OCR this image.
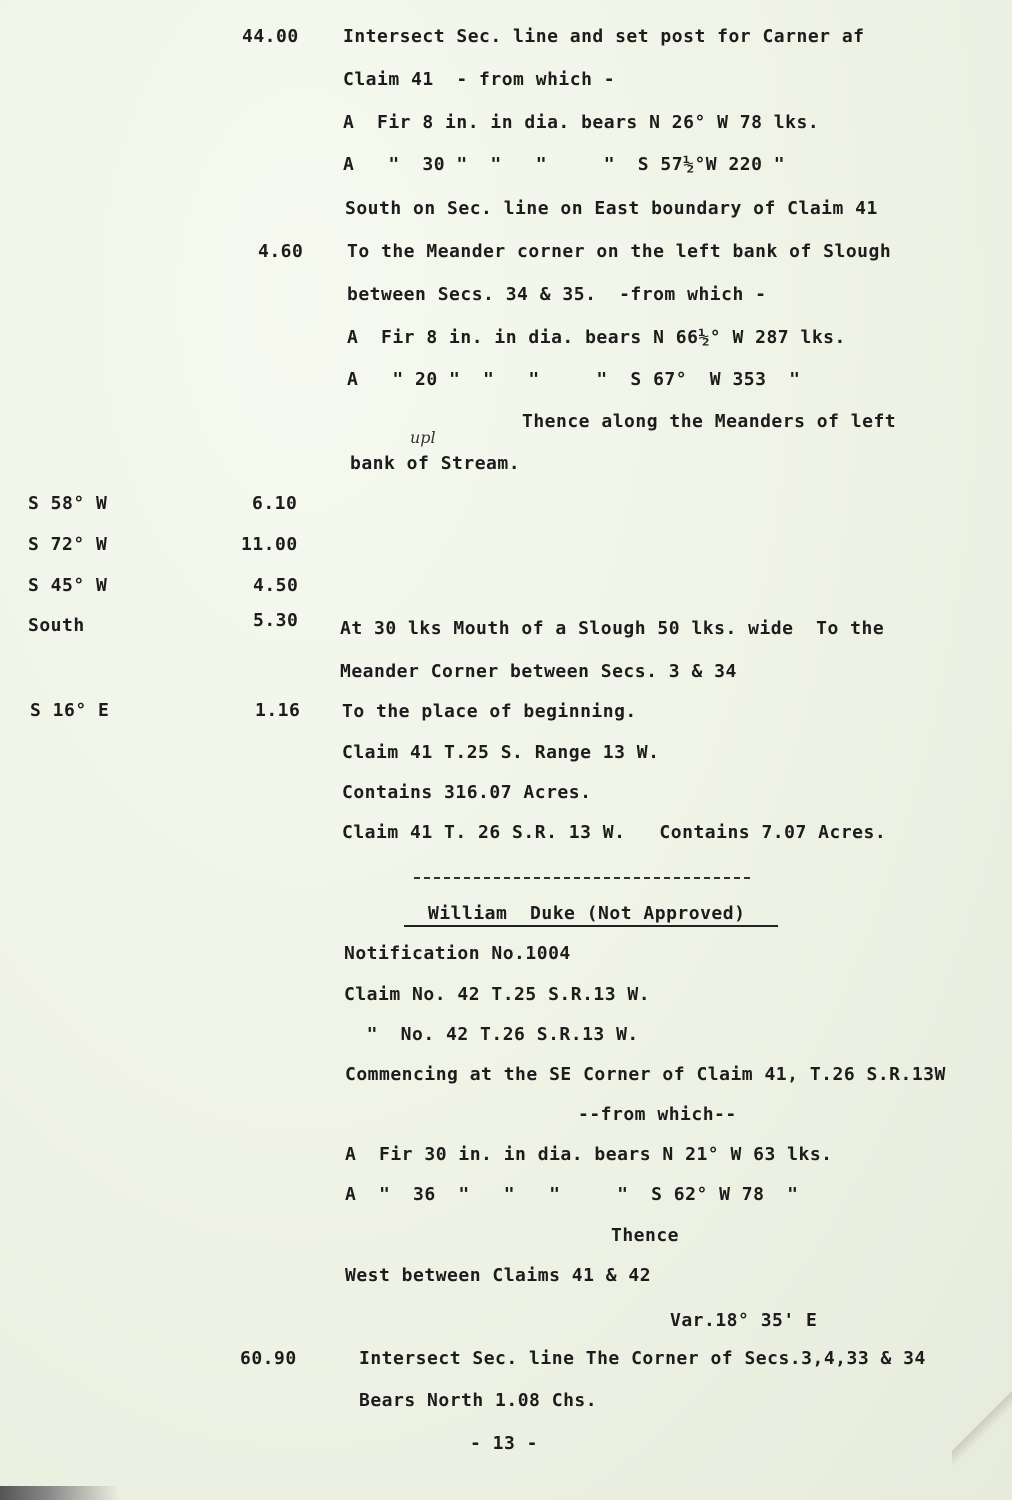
44.00 Intersect Sec. line and set post for Carner af
Claim 41  - from which -
A  Fir 8 in. in dia. bears N 26° W 78 lks.
A   "  30 "  "   "     "  S 57½°W 220 "
South on Sec. line on East boundary of Claim 41
4.60 To the Meander corner on the left bank of Slough
between Secs. 34 & 35.  -from which -
A  Fir 8 in. in dia. bears N 66½° W 287 lks.
A   " 20 "  "   "     "  S 67°  W 353  "
Thence along the Meanders of left
bank of Stream.
upl
S 58° W	6.10
S 72° W	11.00
S 45° W	4.50
South	5.30 At 30 lks Mouth of a Slough 50 lks. wide  To the
Meander Corner between Secs. 3 & 34
S 16° E	1.16 To the place of beginning.
Claim 41 T.25 S. Range 13 W.
Contains 316.07 Acres.
Claim 41 T. 26 S.R. 13 W.   Contains 7.07 Acres.
William  Duke (Not Approved)
Notification No.1004
Claim No. 42 T.25 S.R.13 W.
"  No. 42 T.26 S.R.13 W.
Commencing at the SE Corner of Claim 41, T.26 S.R.13W
--from which--
A  Fir 30 in. in dia. bears N 21° W 63 lks.
A  "  36  "   "   "     "  S 62° W 78  "
Thence
West between Claims 41 & 42
Var.18° 35' E
60.90	Intersect Sec. line The Corner of Secs.3,4,33 & 34
Bears North 1.08 Chs.
- 13 -
